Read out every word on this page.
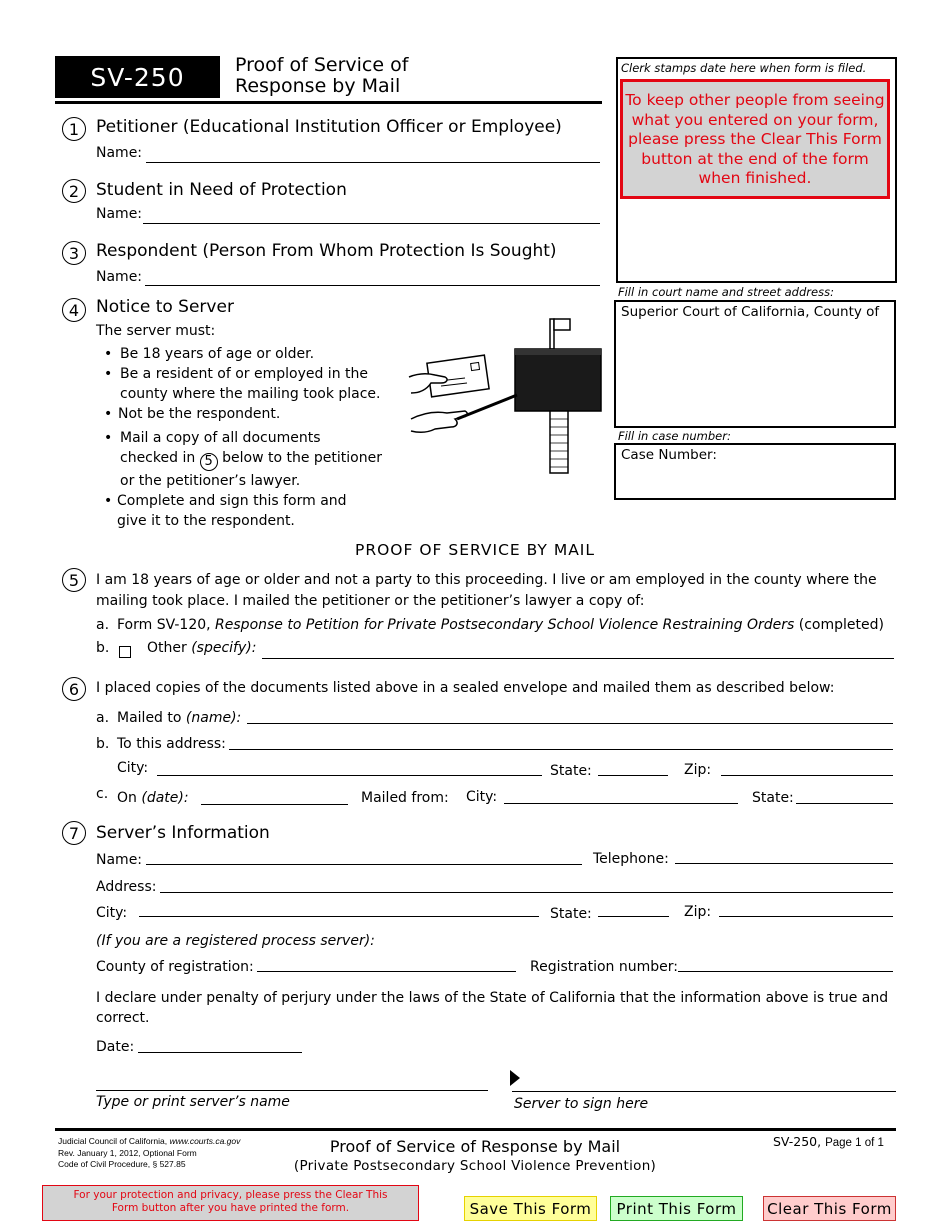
SV-250	Proof of Service of
Response by Mail
Clerk stamps date here when form is filed.
To keep other people from seeing what you entered on your form, please press the Clear This Form button at the end of the form when finished.
Fill in court name and street address:
Superior Court of California, County of
Fill in case number:
Case Number:
1 Petitioner (Educational Institution Officer or Employee)
Name:
2 Student in Need of Protection
Name:
3 Respondent (Person From Whom Protection Is Sought)
Name:
4 Notice to Server
The server must:
• Be 18 years of age or older.
• Be a resident of or employed in the
county where the mailing took place.
• Not be the respondent.
• Mail a copy of all documents
checked in 5 below to the petitioner
or the petitioner’s lawyer.
• Complete and sign this form and
give it to the respondent.
PROOF OF SERVICE BY MAIL
5	I am 18 years of age or older and not a party to this proceeding. I live or am employed in the county where the
mailing took place. I mailed the petitioner or the petitioner’s lawyer a copy of:
a. Form SV-120, Response to Petition for Private Postsecondary School Violence Restraining Orders (completed)
b.	Other (specify):
6	I placed copies of the documents listed above in a sealed envelope and mailed them as described below:
a. Mailed to (name):
b. To this address:
City:	State:	Zip:
c. On (date):	Mailed from: City:	State:
7 Server’s Information
Name:	Telephone:
Address:
City:	State:	Zip:
(If you are a registered process server):
County of registration:	Registration number:
I declare under penalty of perjury under the laws of the State of California that the information above is true and
correct.
Date:
Type or print server’s name	Server to sign here
Judicial Council of California, www.courts.ca.gov
Rev. January 1, 2012, Optional Form
Code of Civil Procedure, § 527.85
Proof of Service of Response by Mail
(Private Postsecondary School Violence Prevention)
SV-250, Page 1 of 1
For your protection and privacy, please press the Clear This Form button after you have printed the form.	Save This Form	Print This Form	Clear This Form
